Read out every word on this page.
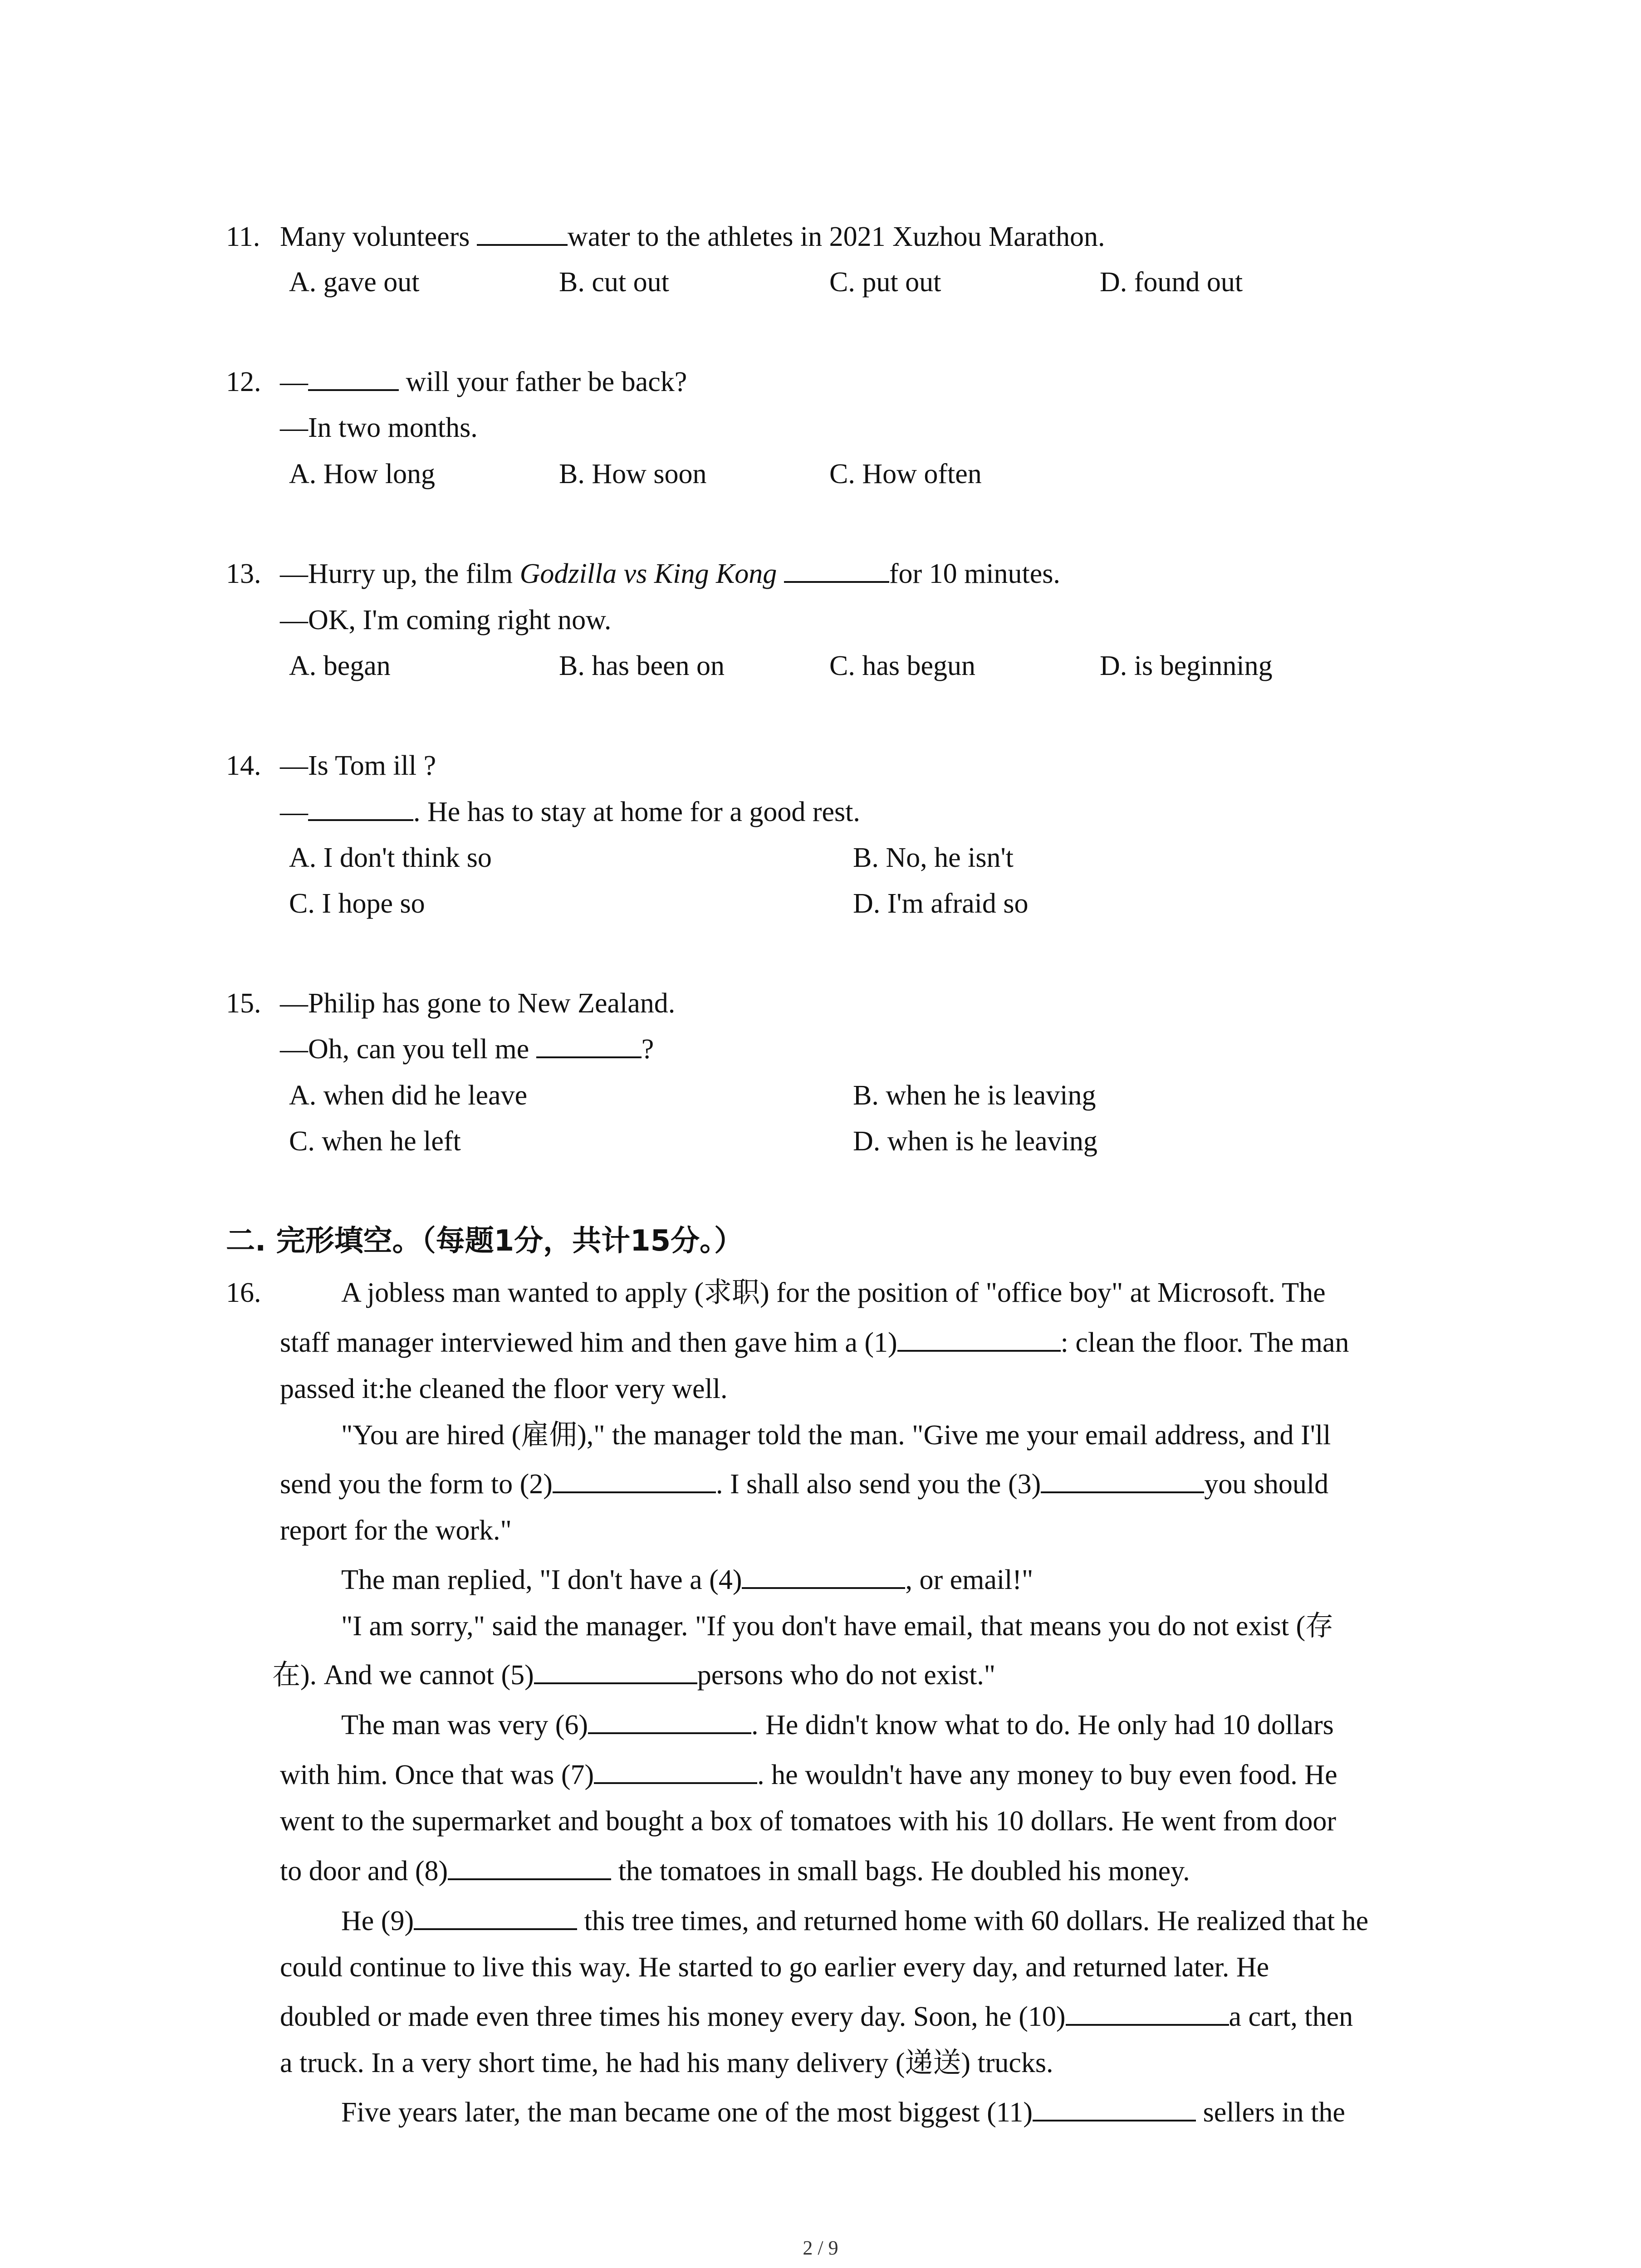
11. Many volunteers	water to the athletes in 2021 Xuzhou Marathon.
A. gave out	B. cut out	C. put out	D. found out
12. —	will your father be back?
—In two months.
A. How long	B. How soon	C. How often
13. —Hurry up, the film Godzilla vs King Kong	for 10 minutes.
—OK, I'm coming right now.
A. began	B. has been on	C. has begun	D. is beginning
14. —Is Tom ill ?
—	. He has to stay at home for a good rest.
A. I don't think so	B. No, he isn't
C. I hope so	D. I'm afraid so
15. —Philip has gone to New Zealand.
—Oh, can you tell me	?
A. when did he leave	B. when he is leaving
C. when he left	D. when is he leaving
二. 完形填空。（每题1分，共计15分。）
16.	A jobless man wanted to apply (求职) for the position of "office boy" at Microsoft. The
staff manager interviewed him and then gave him a (1)	: clean the floor. The man
passed it:he cleaned the floor very well.
"You are hired (雇佣)," the manager told the man. "Give me your email address, and I'll
send you the form to (2)	. I shall also send you the (3)	you should
report for the work."
The man replied, "I don't have a (4)	, or email!"
"I am sorry," said the manager. "If you don't have email, that means you do not exist (存
在). And we cannot (5)	persons who do not exist."
The man was very (6)	. He didn't know what to do. He only had 10 dollars
with him. Once that was (7)	. he wouldn't have any money to buy even food. He
went to the supermarket and bought a box of tomatoes with his 10 dollars. He went from door
to door and (8)	the tomatoes in small bags. He doubled his money.
He (9)	this tree times, and returned home with 60 dollars. He realized that he
could continue to live this way. He started to go earlier every day, and returned later. He
doubled or made even three times his money every day. Soon, he (10)	a cart, then
a truck. In a very short time, he had his many delivery (递送) trucks.
Five years later, the man became one of the most biggest (11)	sellers in the
2 / 9
